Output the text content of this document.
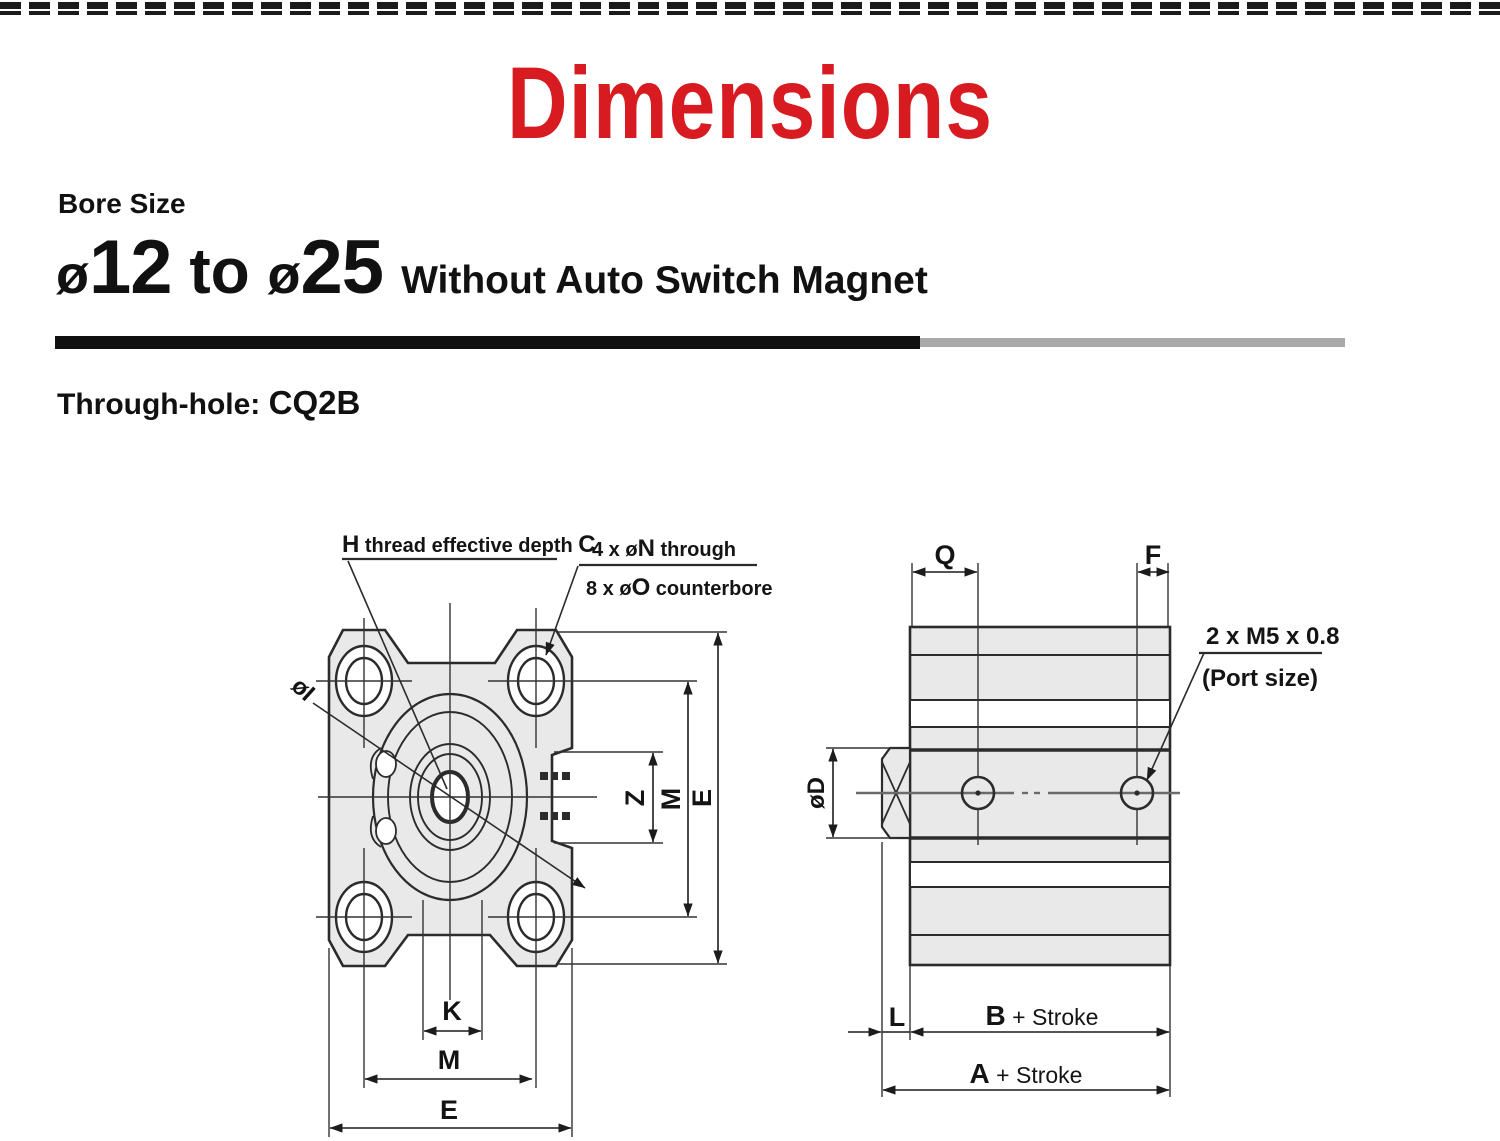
Dimensions
Bore Size
ø12 to ø25 Without Auto Switch Magnet
Through-hole: CQ2B
H thread effective depth C
4 x øN through
8 x øO counterbore
øI
Z M E
K
M
E
Q	F
2 x M5 x 0.8
(Port size)
øD
L	B + Stroke
A + Stroke
